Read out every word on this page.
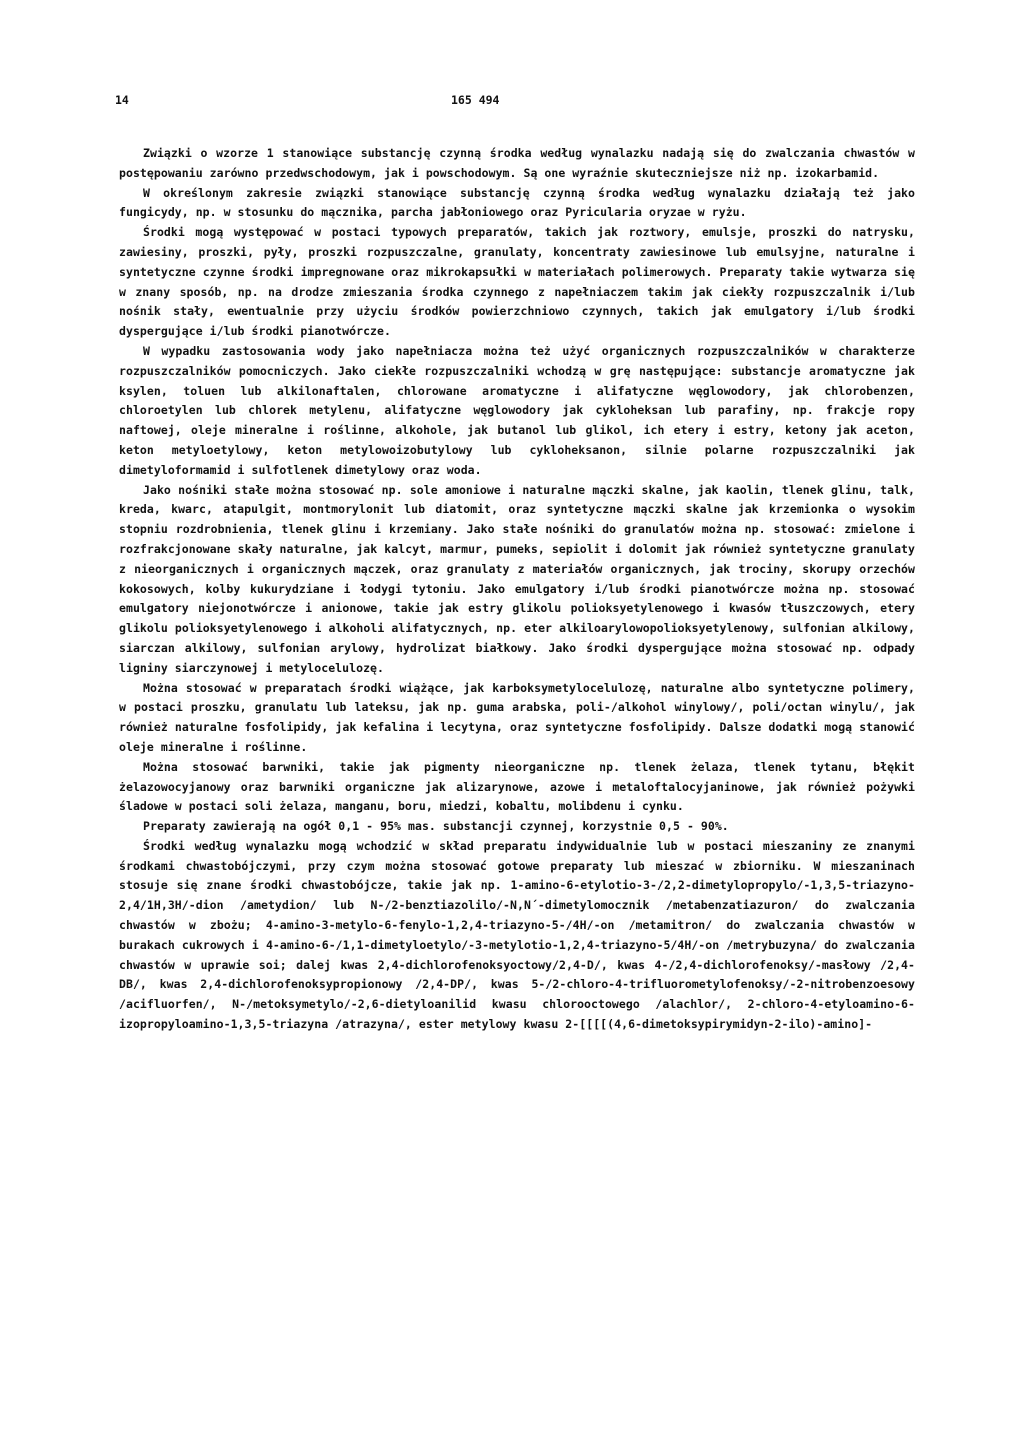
14	165 494

Związki o wzorze 1 stanowiące substancję czynną środka według wynalazku nadają się do zwalczania chwastów w postępowaniu zarówno przedwschodowym, jak i powschodowym. Są one wyraźnie skuteczniejsze niż np. izokarbamid.

W określonym zakresie związki stanowiące substancję czynną środka według wynalazku działają też jako fungicydy, np. w stosunku do mącznika, parcha jabłoniowego oraz Pyricularia oryzae w ryżu.

Środki mogą występować w postaci typowych preparatów, takich jak roztwory, emulsje, proszki do natrysku, zawiesiny, proszki, pyły, proszki rozpuszczalne, granulaty, koncentraty zawiesinowe lub emulsyjne, naturalne i syntetyczne czynne środki impregnowane oraz mikrokapsułki w materiałach polimerowych. Preparaty takie wytwarza się w znany sposób, np. na drodze zmieszania środka czynnego z napełniaczem takim jak ciekły rozpuszczalnik i/lub nośnik stały, ewentualnie przy użyciu środków powierzchniowo czynnych, takich jak emulgatory i/lub środki dyspergujące i/lub środki pianotwórcze.

W wypadku zastosowania wody jako napełniacza można też użyć organicznych rozpuszczalników w charakterze rozpuszczalników pomocniczych. Jako ciekłe rozpuszczalniki wchodzą w grę następujące: substancje aromatyczne jak ksylen, toluen lub alkilonaftalen, chlorowane aromatyczne i alifatyczne węglowodory, jak chlorobenzen, chloroetylen lub chlorek metylenu, alifatyczne węglowodory jak cykloheksan lub parafiny, np. frakcje ropy naftowej, oleje mineralne i roślinne, alkohole, jak butanol lub glikol, ich etery i estry, ketony jak aceton, keton metyloetylowy, keton metylowoizobutylowy lub cykloheksanon, silnie polarne rozpuszczalniki jak dimetyloformamid i sulfotlenek dimetylowy oraz woda.

Jako nośniki stałe można stosować np. sole amoniowe i naturalne mączki skalne, jak kaolin, tlenek glinu, talk, kreda, kwarc, atapulgit, montmorylonit lub diatomit, oraz syntetyczne mączki skalne jak krzemionka o wysokim stopniu rozdrobnienia, tlenek glinu i krzemiany. Jako stałe nośniki do granulatów można np. stosować: zmielone i rozfrakcjonowane skały naturalne, jak kalcyt, marmur, pumeks, sepiolit i dolomit jak również syntetyczne granulaty z nieorganicznych i organicznych mączek, oraz granulaty z materiałów organicznych, jak trociny, skorupy orzechów kokosowych, kolby kukurydziane i łodygi tytoniu. Jako emulgatory i/lub środki pianotwórcze można np. stosować emulgatory niejonotwórcze i anionowe, takie jak estry glikolu polioksyetylenowego i kwasów tłuszczowych, etery glikolu polioksyetylenowego i alkoholi alifatycznych, np. eter alkiloarylowopolioksyetylenowy, sulfonian alkilowy, siarczan alkilowy, sulfonian arylowy, hydrolizat białkowy. Jako środki dyspergujące można stosować np. odpady ligniny siarczynowej i metylocelulozę.

Można stosować w preparatach środki wiążące, jak karboksymetylocelulozę, naturalne albo syntetyczne polimery, w postaci proszku, granulatu lub lateksu, jak np. guma arabska, poli-/alkohol winylowy/, poli/octan winylu/, jak również naturalne fosfolipidy, jak kefalina i lecytyna, oraz syntetyczne fosfolipidy. Dalsze dodatki mogą stanowić oleje mineralne i roślinne.

Można stosować barwniki, takie jak pigmenty nieorganiczne np. tlenek żelaza, tlenek tytanu, błękit żelazowocyjanowy oraz barwniki organiczne jak alizarynowe, azowe i metaloftalocyjaninowe, jak również pożywki śladowe w postaci soli żelaza, manganu, boru, miedzi, kobaltu, molibdenu i cynku.

Preparaty zawierają na ogół 0,1 - 95% mas. substancji czynnej, korzystnie 0,5 - 90%.

Środki według wynalazku mogą wchodzić w skład preparatu indywidualnie lub w postaci mieszaniny ze znanymi środkami chwastobójczymi, przy czym można stosować gotowe preparaty lub mieszać w zbiorniku. W mieszaninach stosuje się znane środki chwastobójcze, takie jak np. 1-amino-6-etylotio-3-/2,2-dimetylopropylo/-1,3,5-triazyno-2,4/1H,3H/-dion /ametydion/ lub N-/2-benztiazolilo/-N,N´-dimetylomocznik /metabenzatiazuron/ do zwalczania chwastów w zbożu; 4-amino-3-metylo-6-fenylo-1,2,4-triazyno-5-/4H/-on /metamitron/ do zwalczania chwastów w burakach cukrowych i 4-amino-6-/1,1-dimetyloetylo/-3-metylotio-1,2,4-triazyno-5/4H/-on /metrybuzyna/ do zwalczania chwastów w uprawie soi; dalej kwas 2,4-dichlorofenoksyoctowy/2,4-D/, kwas 4-/2,4-dichlorofenoksy/-masłowy /2,4-DB/, kwas 2,4-dichlorofenoksypropionowy /2,4-DP/, kwas 5-/2-chloro-4-trifluorometylofenoksy/-2-nitrobenzoesowy /acifluorfen/, N-/metoksymetylo/-2,6-dietyloanilid kwasu chlorooctowego /alachlor/, 2-chloro-4-etyloamino-6-izopropyloamino-1,3,5-triazyna /atrazyna/, ester metylowy kwasu 2-[[[[(4,6-dimetoksypirymidyn-2-ilo)-amino]-
